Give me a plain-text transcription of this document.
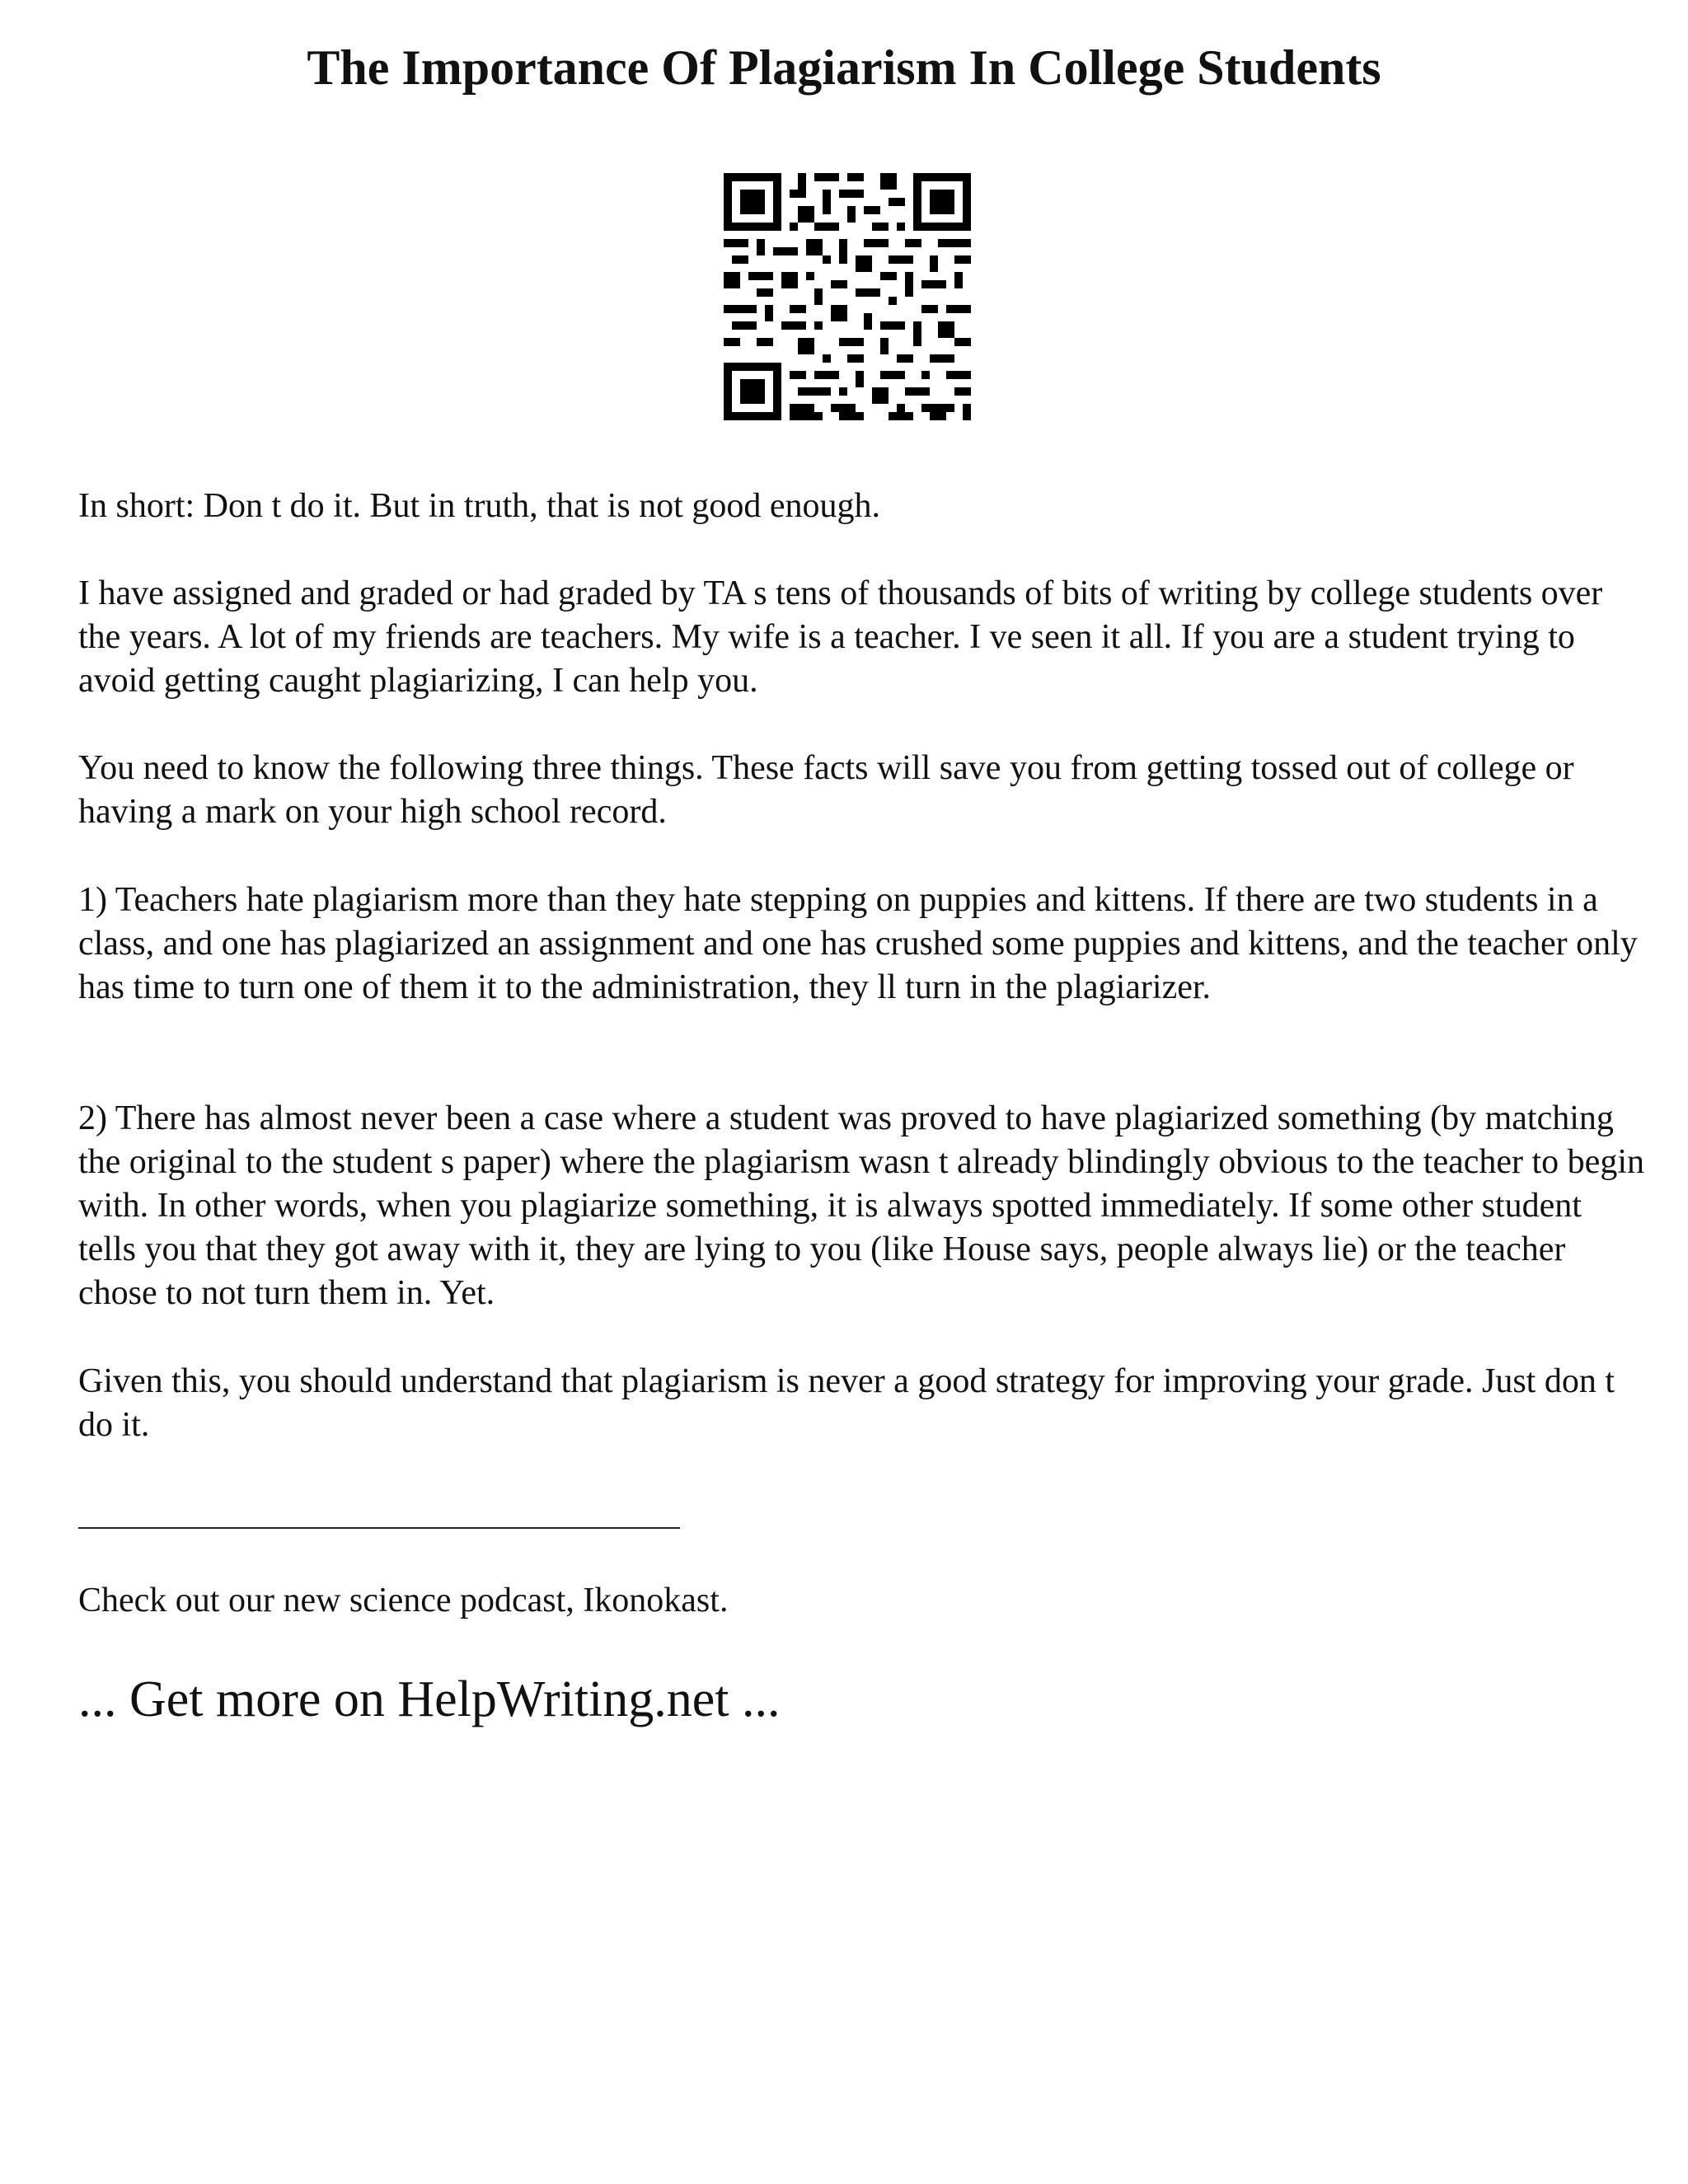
The Importance Of Plagiarism In College Students

In short: Don t do it. But in truth, that is not good enough.

I have assigned and graded or had graded by TA s tens of thousands of bits of writing by college students over the years. A lot of my friends are teachers. My wife is a teacher. I ve seen it all. If you are a student trying to avoid getting caught plagiarizing, I can help you.

You need to know the following three things. These facts will save you from getting tossed out of college or having a mark on your high school record.

1) Teachers hate plagiarism more than they hate stepping on puppies and kittens. If there are two students in a class, and one has plagiarized an assignment and one has crushed some puppies and kittens, and the teacher only has time to turn one of them it to the administration, they ll turn in the plagiarizer.

2) There has almost never been a case where a student was proved to have plagiarized something (by matching the original to the student s paper) where the plagiarism wasn t already blindingly obvious to the teacher to begin with. In other words, when you plagiarize something, it is always spotted immediately. If some other student tells you that they got away with it, they are lying to you (like House says, people always lie) or the teacher chose to not turn them in. Yet.

Given this, you should understand that plagiarism is never a good strategy for improving your grade. Just don t do it.

Check out our new science podcast, Ikonokast.

... Get more on HelpWriting.net ...
